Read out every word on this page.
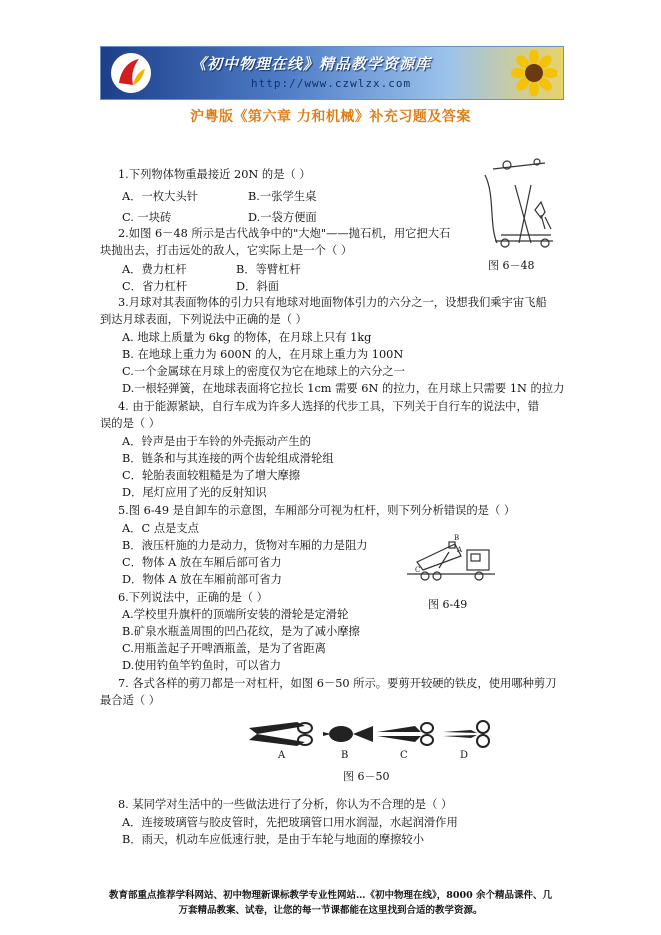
《初中物理在线》精品教学资源库
http://www.czwlzx.com
沪粤版《第六章 力和机械》补充习题及答案
1.下列物体物重最接近 20N 的是（ ）
A．一枚大头针	B.一张学生桌
C. 一块砖	D.一袋方便面
2.如图 6－48 所示是古代战争中的"大炮"——抛石机，用它把大石
块抛出去，打击远处的敌人，它实际上是一个（ ）
A．费力杠杆	B．等臂杠杆
C．省力杠杆	D．斜面
图 6－48
3.月球对其表面物体的引力只有地球对地面物体引力的六分之一，设想我们乘宇宙飞船
到达月球表面，下列说法中正确的是（ ）
A. 地球上质量为 6kg 的物体，在月球上只有 1kg
B. 在地球上重力为 600N 的人，在月球上重力为 100N
C.一个金属球在月球上的密度仅为它在地球上的六分之一
D.一根轻弹簧，在地球表面将它拉长 1cm 需要 6N 的拉力，在月球上只需要 1N 的拉力
4. 由于能源紧缺，自行车成为许多人选择的代步工具，下列关于自行车的说法中，错
误的是（ ）
A．铃声是由于车铃的外壳振动产生的
B．链条和与其连接的两个齿轮组成滑轮组
C．轮胎表面较粗糙是为了增大摩擦
D．尾灯应用了光的反射知识
5.图 6-49 是自卸车的示意图，车厢部分可视为杠杆，则下列分析错误的是（ ）
A．C 点是支点
B．液压杆施的力是动力，货物对车厢的力是阻力
C．物体 A 放在车厢后部可省力
D．物体 A 放在车厢前部可省力
B
A
C
图 6-49
6.下列说法中，正确的是（ ）
A.学校里升旗杆的顶端所安装的滑轮是定滑轮
B.矿泉水瓶盖周围的凹凸花纹，是为了减小摩擦
C.用瓶盖起子开啤酒瓶盖，是为了省距离
D.使用钓鱼竿钓鱼时，可以省力
7. 各式各样的剪刀都是一对杠杆，如图 6－50 所示。要剪开较硬的铁皮，使用哪种剪刀
最合适（ ）
A	B	C	D
图 6－50
8. 某同学对生活中的一些做法进行了分析，你认为不合理的是（ ）
A．连接玻璃管与胶皮管时，先把玻璃管口用水润湿，水起润滑作用
B．雨天，机动车应低速行驶，是由于车轮与地面的摩擦较小
教育部重点推荐学科网站、初中物理新课标教学专业性网站…《初中物理在线》，8000 余个精品课件、几
万套精品教案、试卷，让您的每一节课都能在这里找到合适的教学资源。
